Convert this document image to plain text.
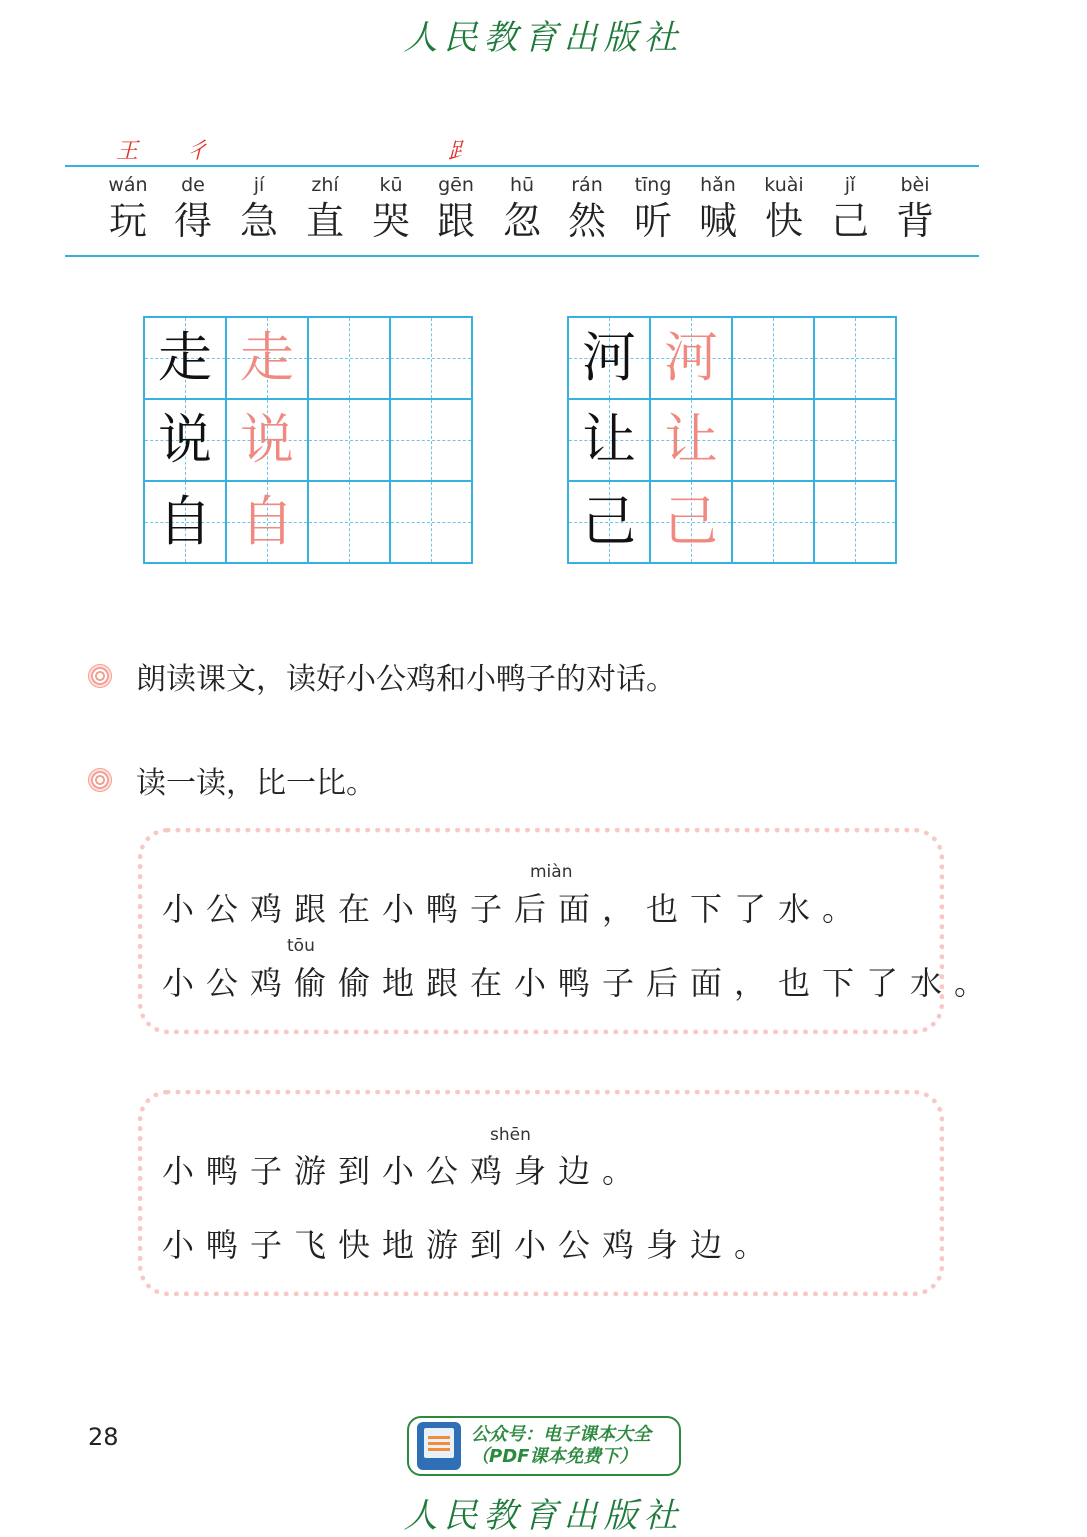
人民教育出版社
王 彳	𧾷
wán
玩
de
得
jí
急
zhí
直
kū
哭
gēn
跟
hū
忽
rán
然
tīng
听
hǎn
喊
kuài
快
jǐ
己
bèi
背
走 走
说 说
自 自
河 河
让 让
己 己
朗读课文，读好小公鸡和小鸭子的对话。
读一读，比一比。
miàn
小公鸡跟在小鸭子后面，也下了水。
tōu
小公鸡偷偷地跟在小鸭子后面，也下了水。
shēn
小鸭子游到小公鸡身边。
小鸭子飞快地游到小公鸡身边。
28	公众号：电子课本大全
（PDF课本免费下）
人民教育出版社
